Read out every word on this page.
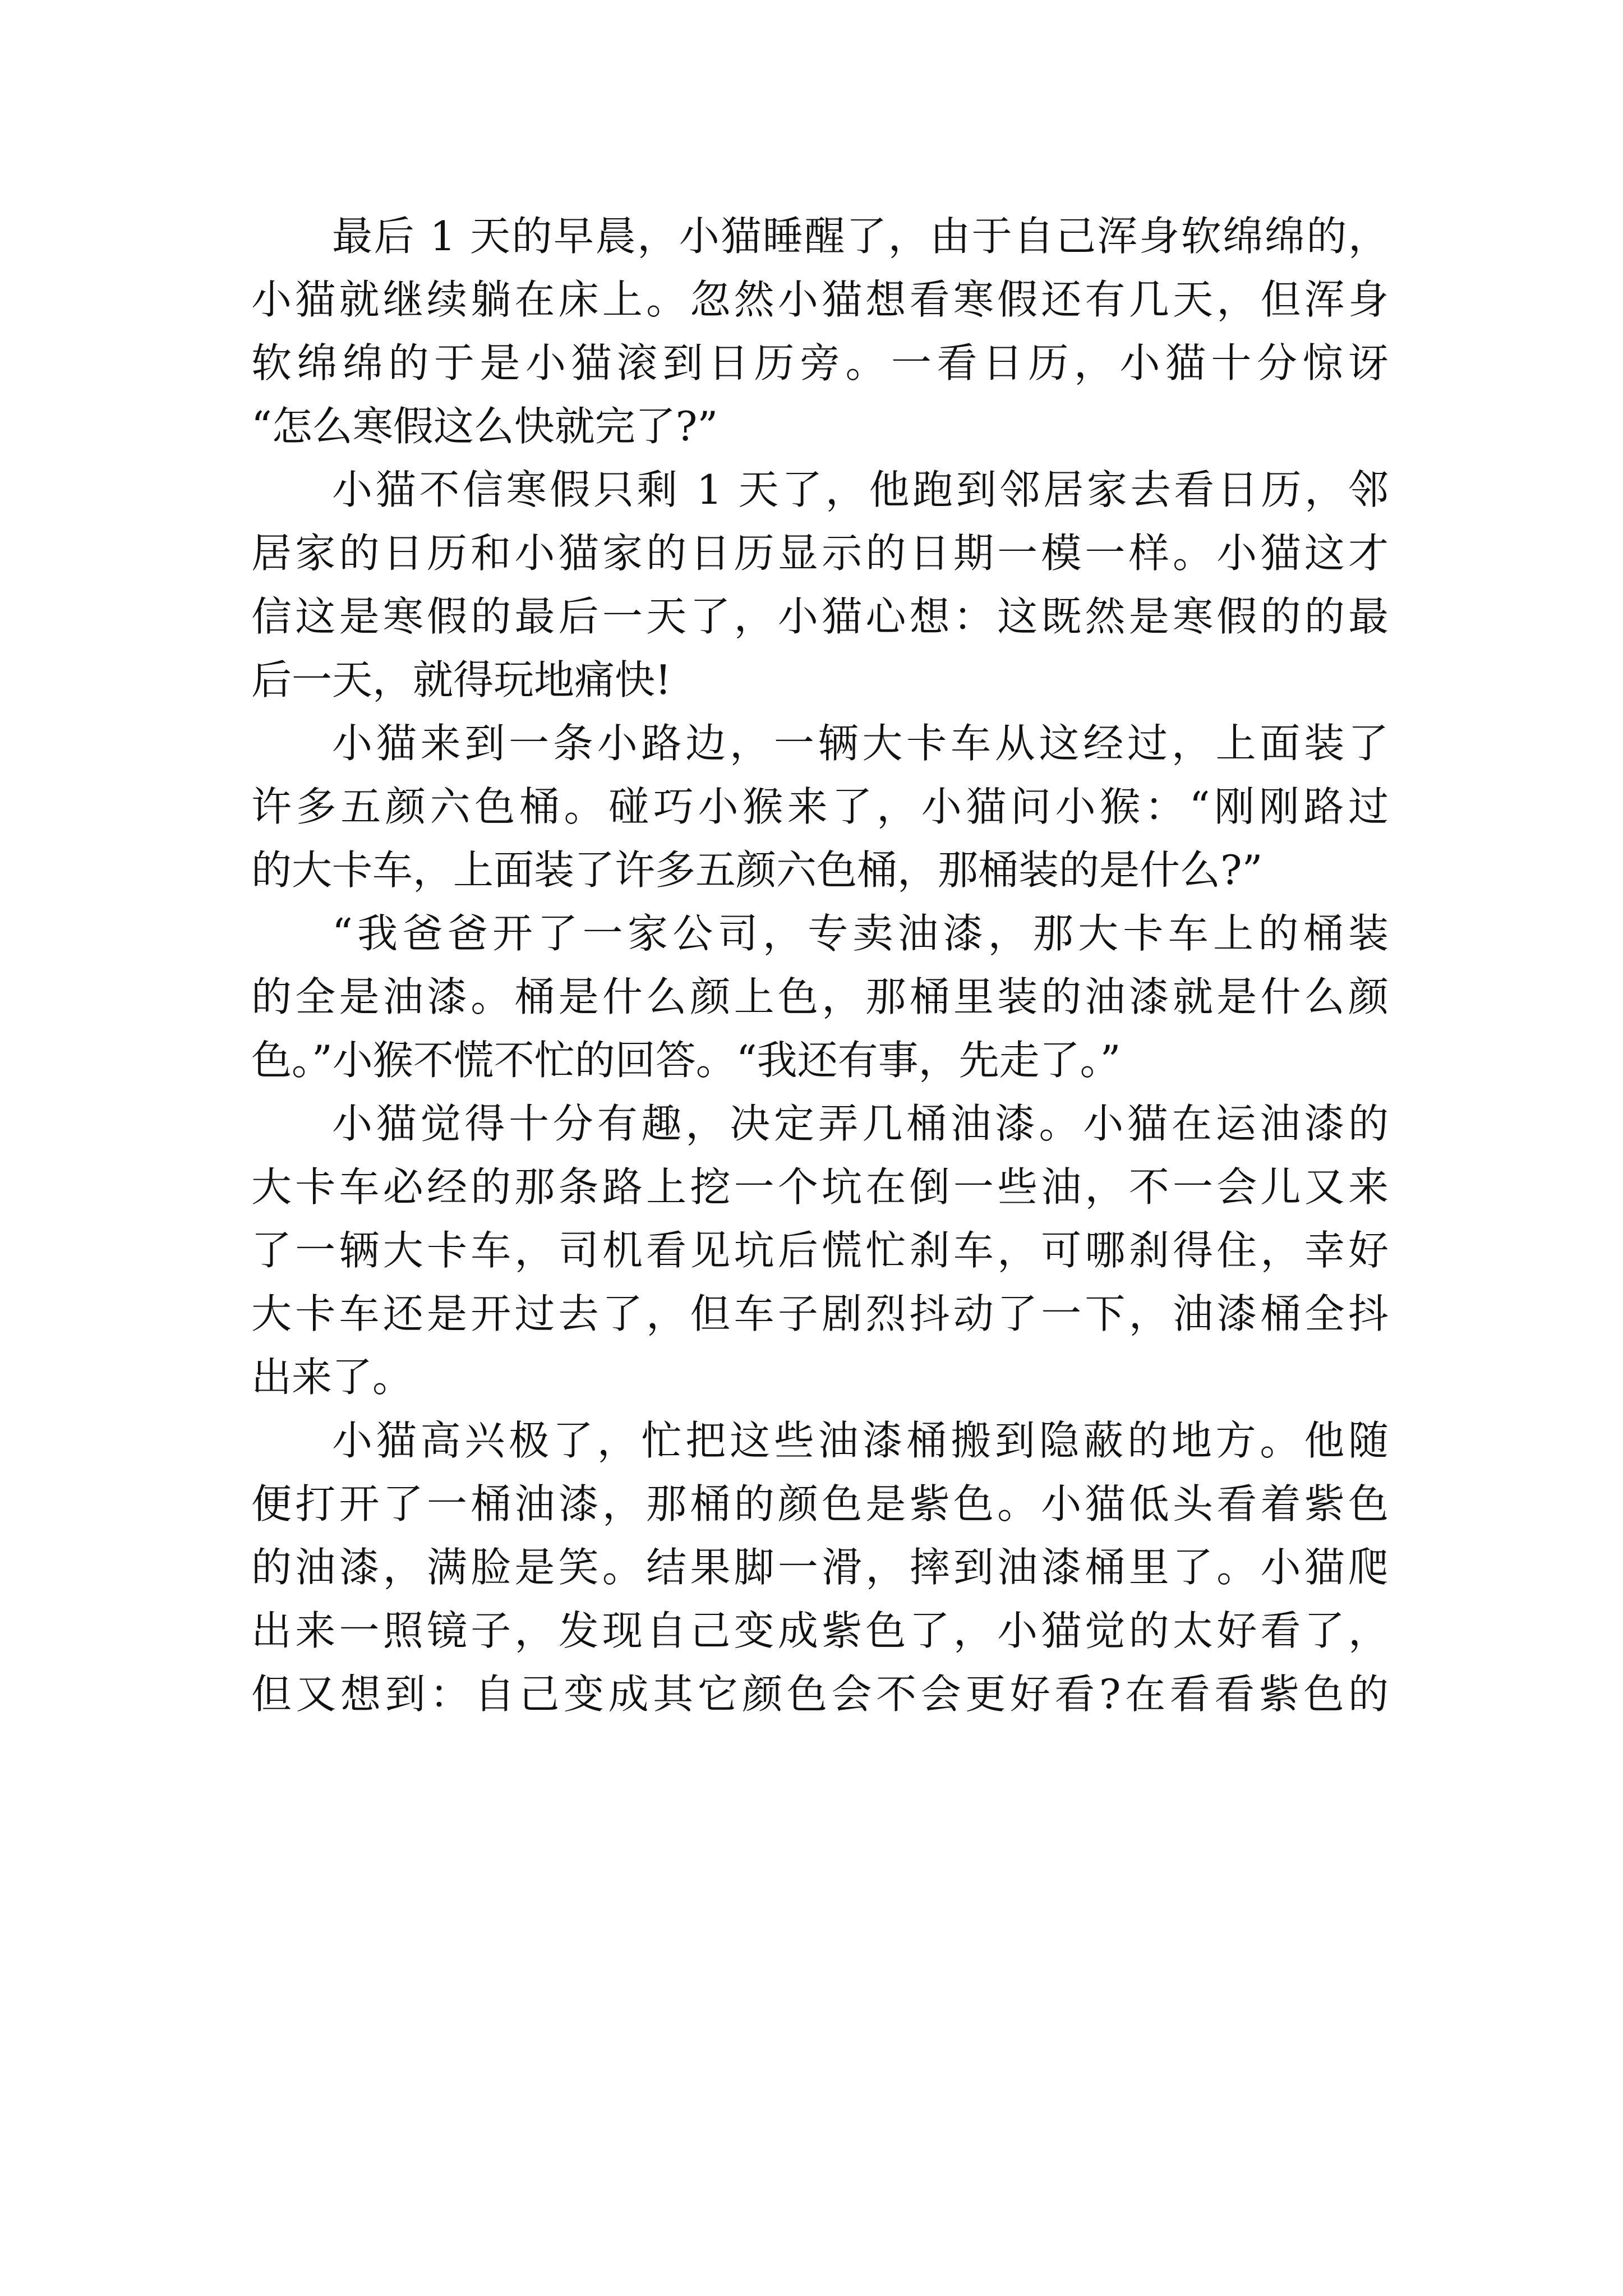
最后 1 天的早晨，小猫睡醒了，由于自己浑身软绵绵的，
小猫就继续躺在床上。忽然小猫想看寒假还有几天，但浑身
软绵绵的于是小猫滚到日历旁。一看日历，小猫十分惊讶
“怎么寒假这么快就完了?”
小猫不信寒假只剩 1 天了，他跑到邻居家去看日历，邻
居家的日历和小猫家的日历显示的日期一模一样。小猫这才
信这是寒假的最后一天了，小猫心想：这既然是寒假的的最
后一天，就得玩地痛快!
小猫来到一条小路边，一辆大卡车从这经过，上面装了
许多五颜六色桶。碰巧小猴来了，小猫问小猴：“刚刚路过
的大卡车，上面装了许多五颜六色桶，那桶装的是什么?”
“我爸爸开了一家公司，专卖油漆，那大卡车上的桶装
的全是油漆。桶是什么颜上色，那桶里装的油漆就是什么颜
色。”小猴不慌不忙的回答。“我还有事，先走了。”
小猫觉得十分有趣，决定弄几桶油漆。小猫在运油漆的
大卡车必经的那条路上挖一个坑在倒一些油，不一会儿又来
了一辆大卡车，司机看见坑后慌忙刹车，可哪刹得住，幸好
大卡车还是开过去了，但车子剧烈抖动了一下，油漆桶全抖
出来了。
小猫高兴极了，忙把这些油漆桶搬到隐蔽的地方。他随
便打开了一桶油漆，那桶的颜色是紫色。小猫低头看着紫色
的油漆，满脸是笑。结果脚一滑，摔到油漆桶里了。小猫爬
出来一照镜子，发现自己变成紫色了，小猫觉的太好看了，
但又想到：自己变成其它颜色会不会更好看?在看看紫色的
